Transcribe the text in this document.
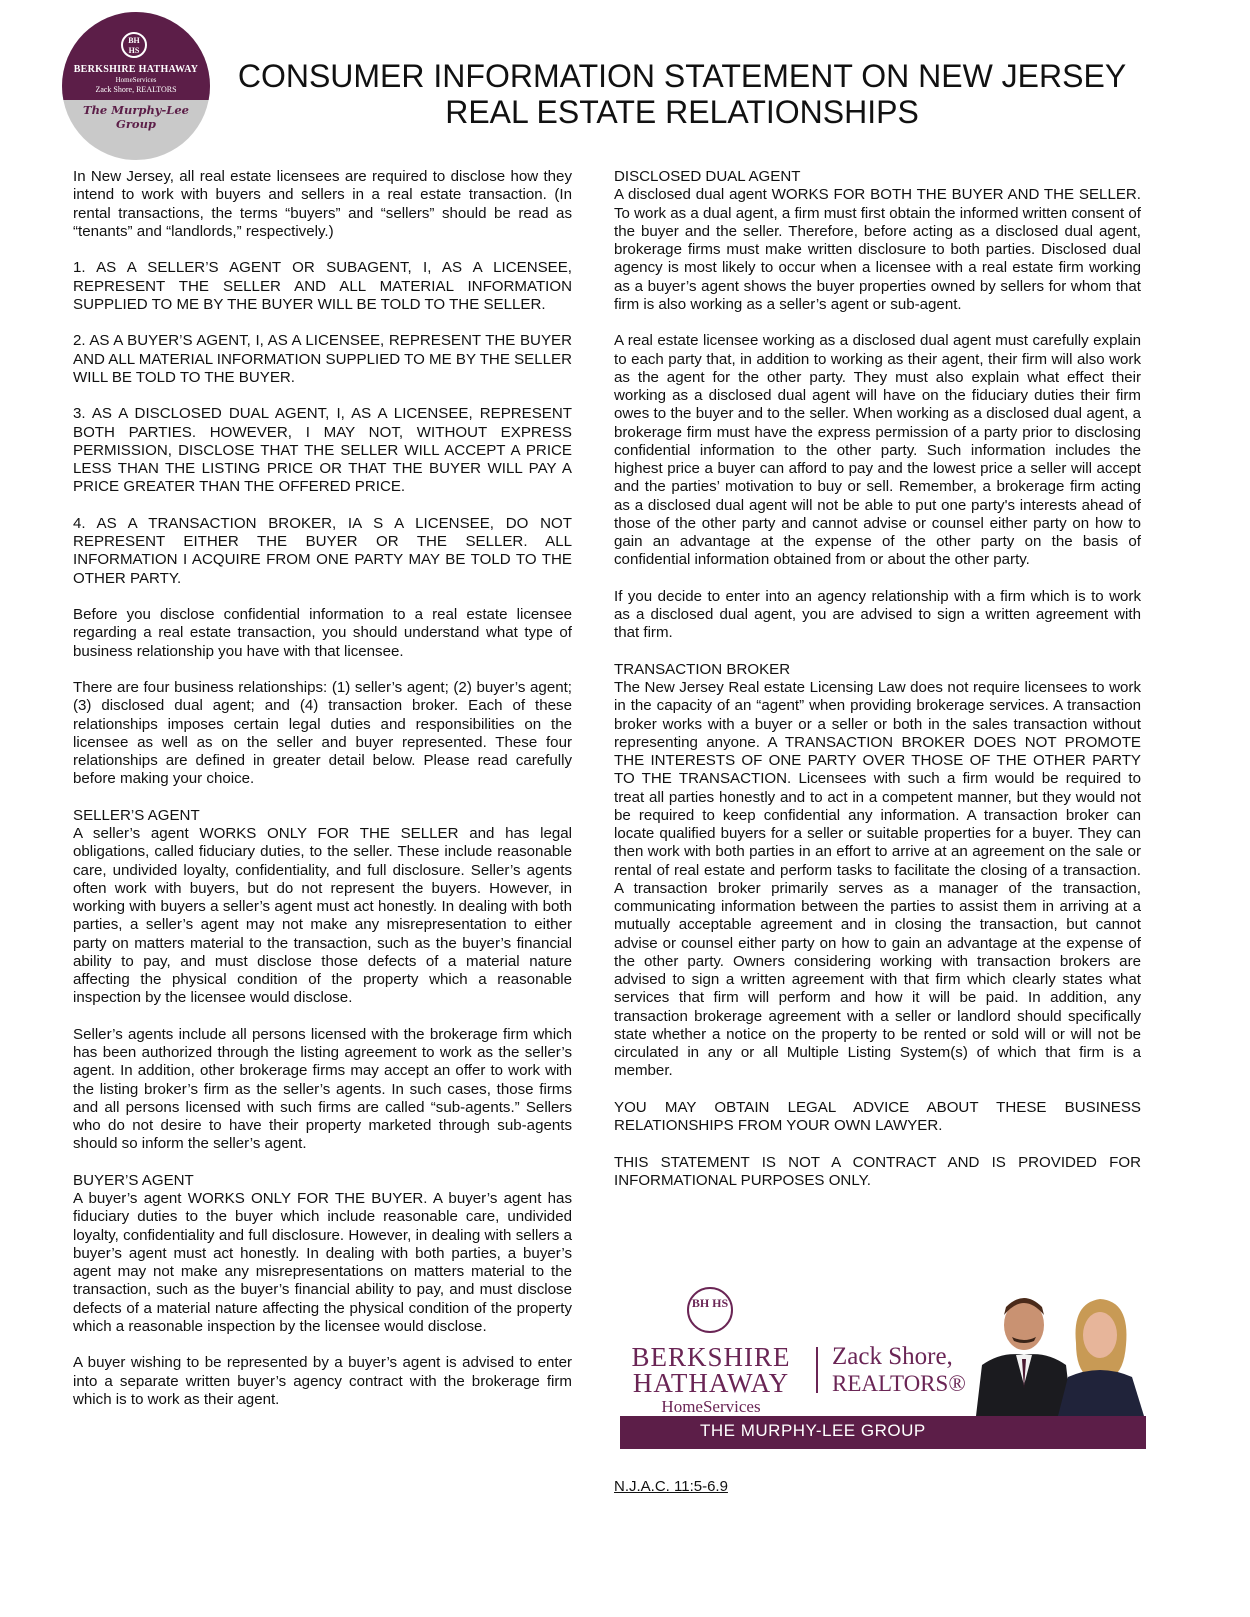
BH HS
BERKSHIRE HATHAWAY
HomeServices
Zack Shore, REALTORS
The Murphy-Lee Group
CONSUMER INFORMATION STATEMENT ON NEW JERSEY
REAL ESTATE RELATIONSHIPS

In New Jersey, all real estate licensees are required to disclose how they intend to work with buyers and sellers in a real estate transaction. (In rental transactions, the terms “buyers” and “sellers” should be read as “tenants” and “landlords,” respectively.)

1. AS A SELLER’S AGENT OR SUBAGENT, I, AS A LICENSEE, REPRESENT THE SELLER AND ALL MATERIAL INFORMATION SUPPLIED TO ME BY THE BUYER WILL BE TOLD TO THE SELLER.

2. AS A BUYER’S AGENT, I, AS A LICENSEE, REPRESENT THE BUYER AND ALL MATERIAL INFORMATION SUPPLIED TO ME BY THE SELLER WILL BE TOLD TO THE BUYER.

3. AS A DISCLOSED DUAL AGENT, I, AS A LICENSEE, REPRESENT BOTH PARTIES. HOWEVER, I MAY NOT, WITHOUT EXPRESS PERMISSION, DISCLOSE THAT THE SELLER WILL ACCEPT A PRICE LESS THAN THE LISTING PRICE OR THAT THE BUYER WILL PAY A PRICE GREATER THAN THE OFFERED PRICE.

4. AS A TRANSACTION BROKER, IA S A LICENSEE, DO NOT REPRESENT EITHER THE BUYER OR THE SELLER. ALL INFORMATION I ACQUIRE FROM ONE PARTY MAY BE TOLD TO THE OTHER PARTY.

Before you disclose confidential information to a real estate licensee regarding a real estate transaction, you should understand what type of business relationship you have with that licensee.

There are four business relationships: (1) seller’s agent; (2) buyer’s agent; (3) disclosed dual agent; and (4) transaction broker. Each of these relationships imposes certain legal duties and responsibilities on the licensee as well as on the seller and buyer represented. These four relationships are defined in greater detail below. Please read carefully before making your choice.

SELLER’S AGENT
A seller’s agent WORKS ONLY FOR THE SELLER and has legal obligations, called fiduciary duties, to the seller. These include reasonable care, undivided loyalty, confidentiality, and full disclosure. Seller’s agents often work with buyers, but do not represent the buyers. However, in working with buyers a seller’s agent must act honestly. In dealing with both parties, a seller’s agent may not make any misrepresentation to either party on matters material to the transaction, such as the buyer’s financial ability to pay, and must disclose those defects of a material nature affecting the physical condition of the property which a reasonable inspection by the licensee would disclose.

Seller’s agents include all persons licensed with the brokerage firm which has been authorized through the listing agreement to work as the seller’s agent. In addition, other brokerage firms may accept an offer to work with the listing broker’s firm as the seller’s agents. In such cases, those firms and all persons licensed with such firms are called “sub-agents.” Sellers who do not desire to have their property marketed through sub-agents should so inform the seller’s agent.

BUYER’S AGENT
A buyer’s agent WORKS ONLY FOR THE BUYER. A buyer’s agent has fiduciary duties to the buyer which include reasonable care, undivided loyalty, confidentiality and full disclosure. However, in dealing with sellers a buyer’s agent must act honestly. In dealing with both parties, a buyer’s agent may not make any misrepresentations on matters material to the transaction, such as the buyer’s financial ability to pay, and must disclose defects of a material nature affecting the physical condition of the property which a reasonable inspection by the licensee would disclose.

A buyer wishing to be represented by a buyer’s agent is advised to enter into a separate written buyer’s agency contract with the brokerage firm which is to work as their agent.

DISCLOSED DUAL AGENT
A disclosed dual agent WORKS FOR BOTH THE BUYER AND THE SELLER. To work as a dual agent, a firm must first obtain the informed written consent of the buyer and the seller. Therefore, before acting as a disclosed dual agent, brokerage firms must make written disclosure to both parties. Disclosed dual agency is most likely to occur when a licensee with a real estate firm working as a buyer’s agent shows the buyer properties owned by sellers for whom that firm is also working as a seller’s agent or sub-agent.

A real estate licensee working as a disclosed dual agent must carefully explain to each party that, in addition to working as their agent, their firm will also work as the agent for the other party. They must also explain what effect their working as a disclosed dual agent will have on the fiduciary duties their firm owes to the buyer and to the seller. When working as a disclosed dual agent, a brokerage firm must have the express permission of a party prior to disclosing confidential information to the other party. Such information includes the highest price a buyer can afford to pay and the lowest price a seller will accept and the parties’ motivation to buy or sell. Remember, a brokerage firm acting as a disclosed dual agent will not be able to put one party's interests ahead of those of the other party and cannot advise or counsel either party on how to gain an advantage at the expense of the other party on the basis of confidential information obtained from or about the other party.

If you decide to enter into an agency relationship with a firm which is to work as a disclosed dual agent, you are advised to sign a written agreement with that firm.

TRANSACTION BROKER
The New Jersey Real estate Licensing Law does not require licensees to work in the capacity of an “agent” when providing brokerage services. A transaction broker works with a buyer or a seller or both in the sales transaction without representing anyone. A TRANSACTION BROKER DOES NOT PROMOTE THE INTERESTS OF ONE PARTY OVER THOSE OF THE OTHER PARTY TO THE TRANSACTION. Licensees with such a firm would be required to treat all parties honestly and to act in a competent manner, but they would not be required to keep confidential any information. A transaction broker can locate qualified buyers for a seller or suitable properties for a buyer. They can then work with both parties in an effort to arrive at an agreement on the sale or rental of real estate and perform tasks to facilitate the closing of a transaction. A transaction broker primarily serves as a manager of the transaction, communicating information between the parties to assist them in arriving at a mutually acceptable agreement and in closing the transaction, but cannot advise or counsel either party on how to gain an advantage at the expense of the other party. Owners considering working with transaction brokers are advised to sign a written agreement with that firm which clearly states what services that firm will perform and how it will be paid. In addition, any transaction brokerage agreement with a seller or landlord should specifically state whether a notice on the property to be rented or sold will or will not be circulated in any or all Multiple Listing System(s) of which that firm is a member.

YOU MAY OBTAIN LEGAL ADVICE ABOUT THESE BUSINESS RELATIONSHIPS FROM YOUR OWN LAWYER.

THIS STATEMENT IS NOT A CONTRACT AND IS PROVIDED FOR INFORMATIONAL PURPOSES ONLY.

BH HS
BERKSHIRE
HATHAWAY
HomeServices
Zack Shore,
REALTORS®
THE MURPHY-LEE GROUP
N.J.A.C. 11:5-6.9
